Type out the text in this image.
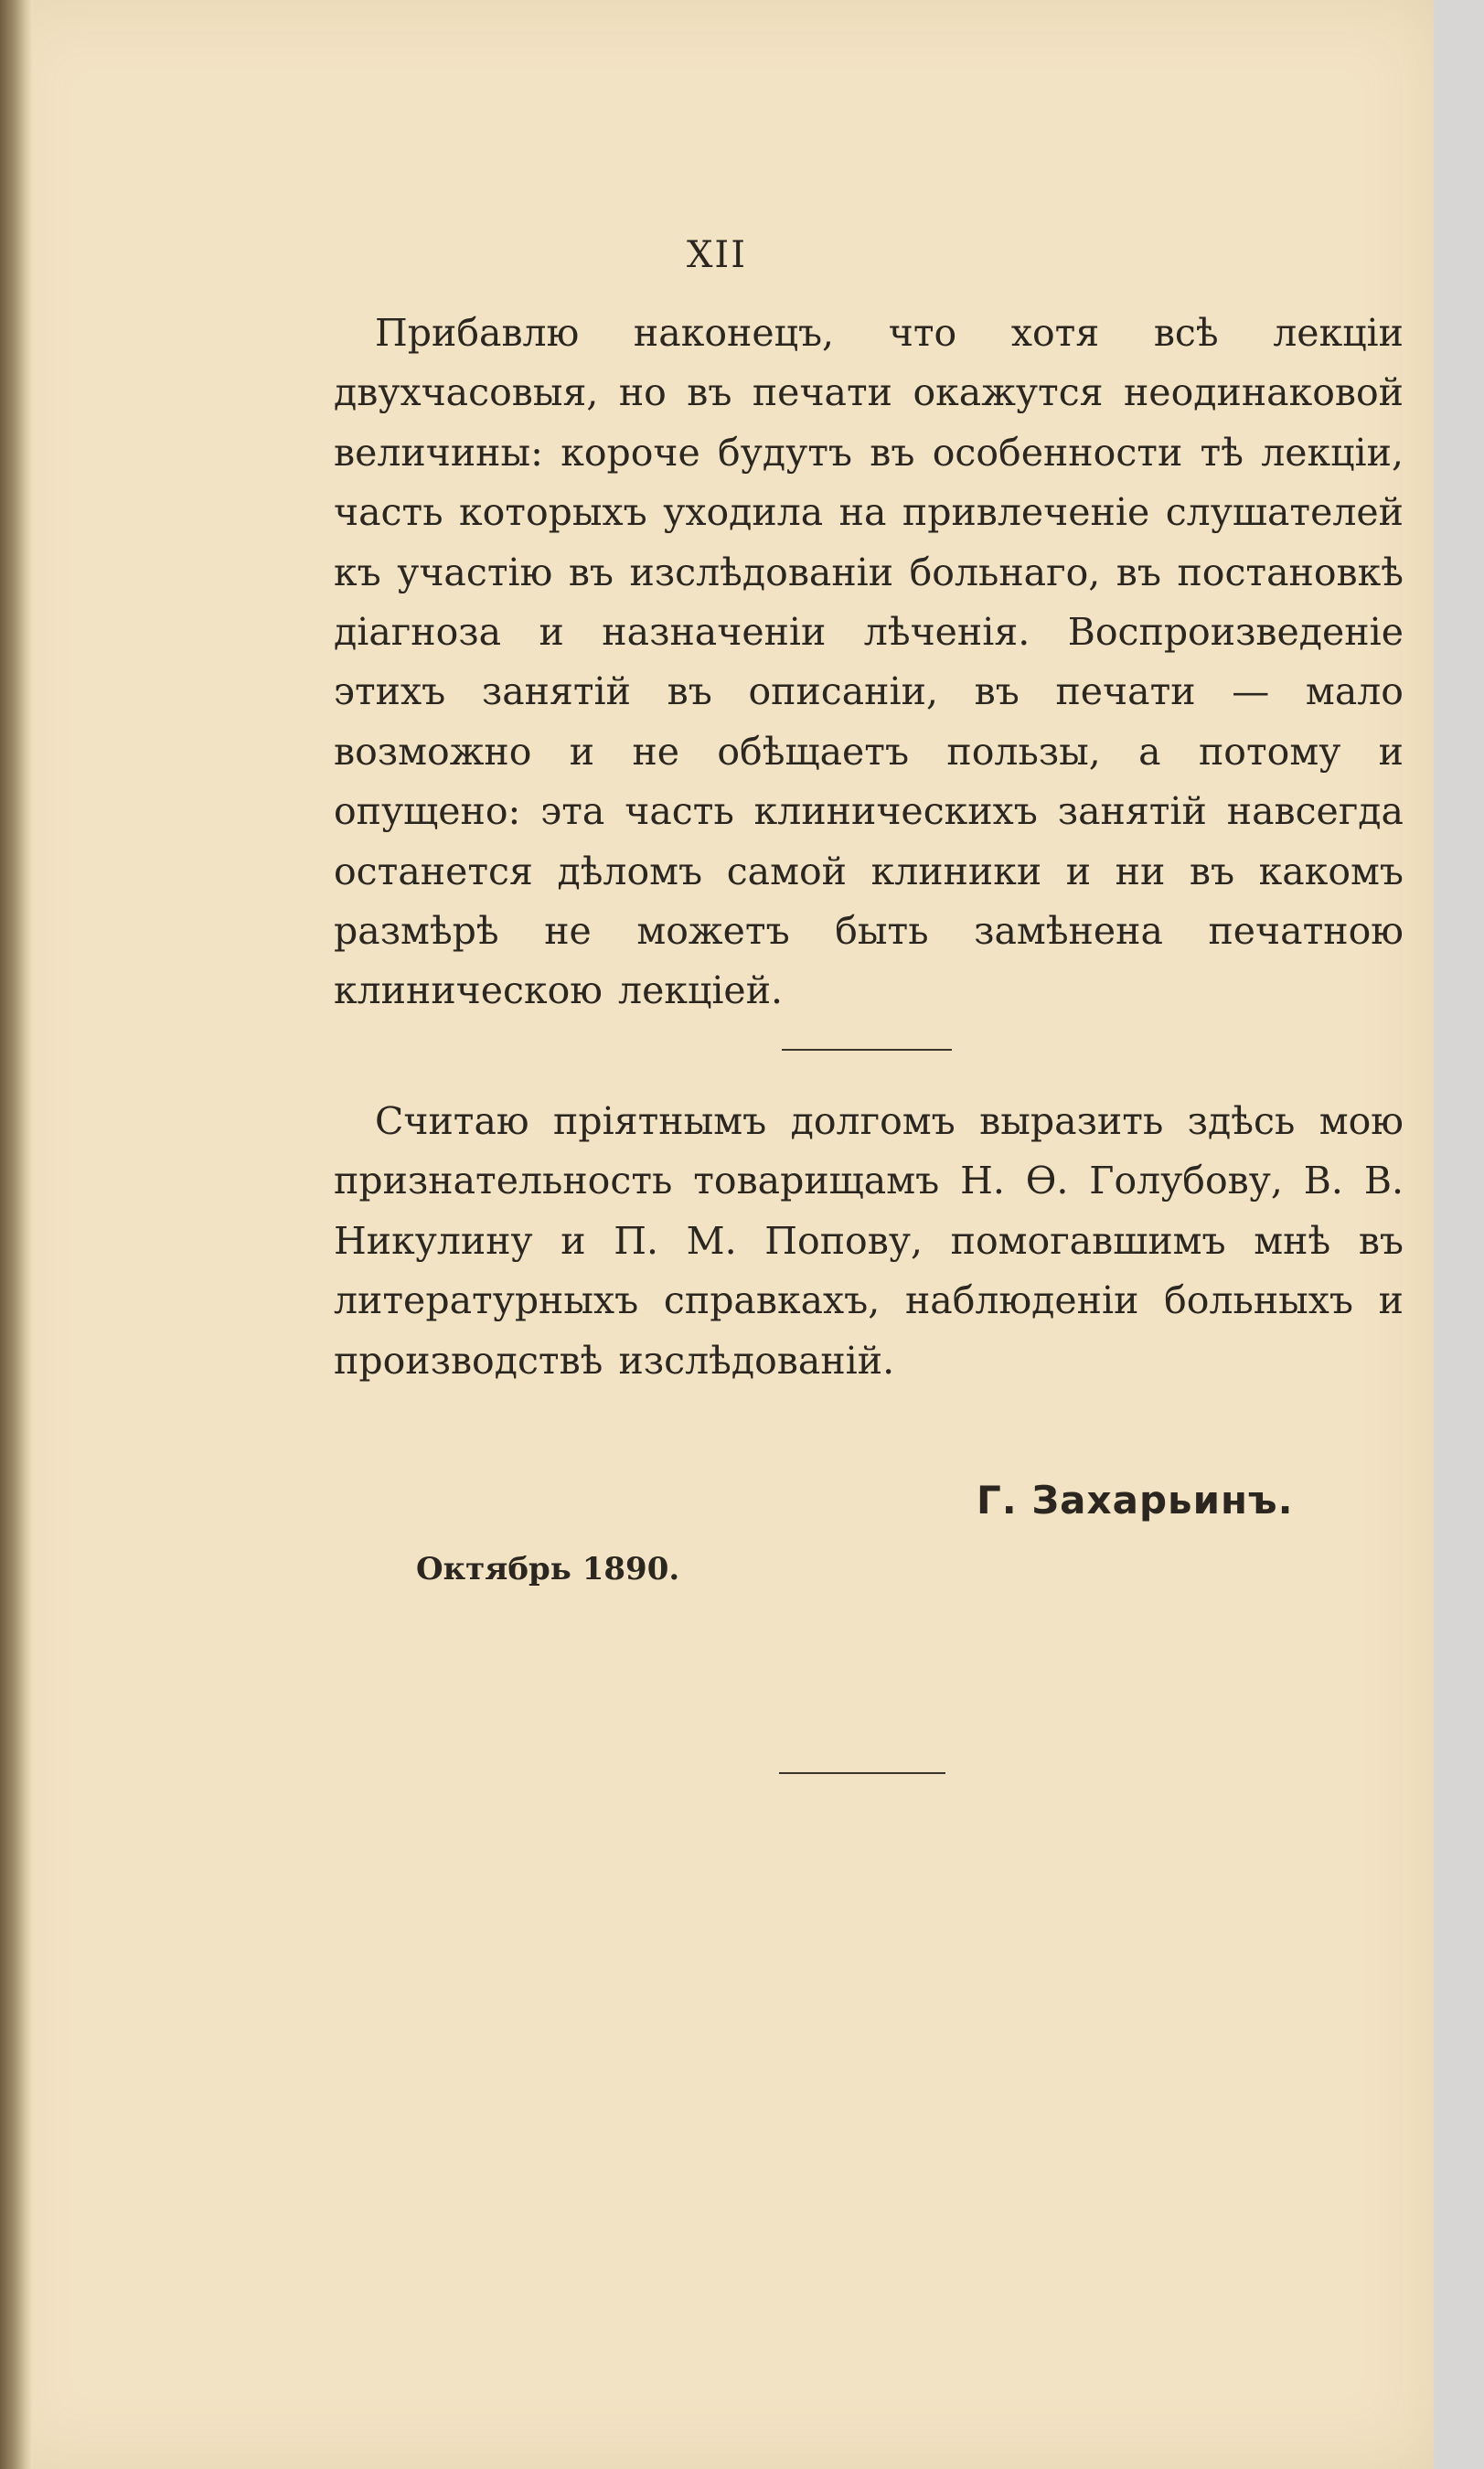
XII
Прибавлю наконецъ, что хотя всѣ лекціи двухчасовыя, но въ печати окажутся неодинаковой величины: короче будутъ въ особенности тѣ лекціи, часть которыхъ уходила на привлеченіе слушателей къ участію въ изслѣдованіи больнаго, въ постановкѣ діагноза и назначеніи лѣченія. Воспроизведеніе этихъ занятій въ описаніи, въ печати — мало возможно и не обѣщаетъ пользы, а потому и опущено: эта часть клиническихъ занятій навсегда останется дѣломъ самой клиники и ни въ какомъ размѣрѣ не можетъ быть замѣнена печатною клиническою лекціей.
Считаю пріятнымъ долгомъ выразить здѣсь мою признательность товарищамъ Н. Ѳ. Голубову, В. В. Никулину и П. М. Попову, помогавшимъ мнѣ въ литературныхъ справкахъ, наблюденіи больныхъ и производствѣ изслѣдованій.
Г. Захарьинъ.
Октябрь 1890.
